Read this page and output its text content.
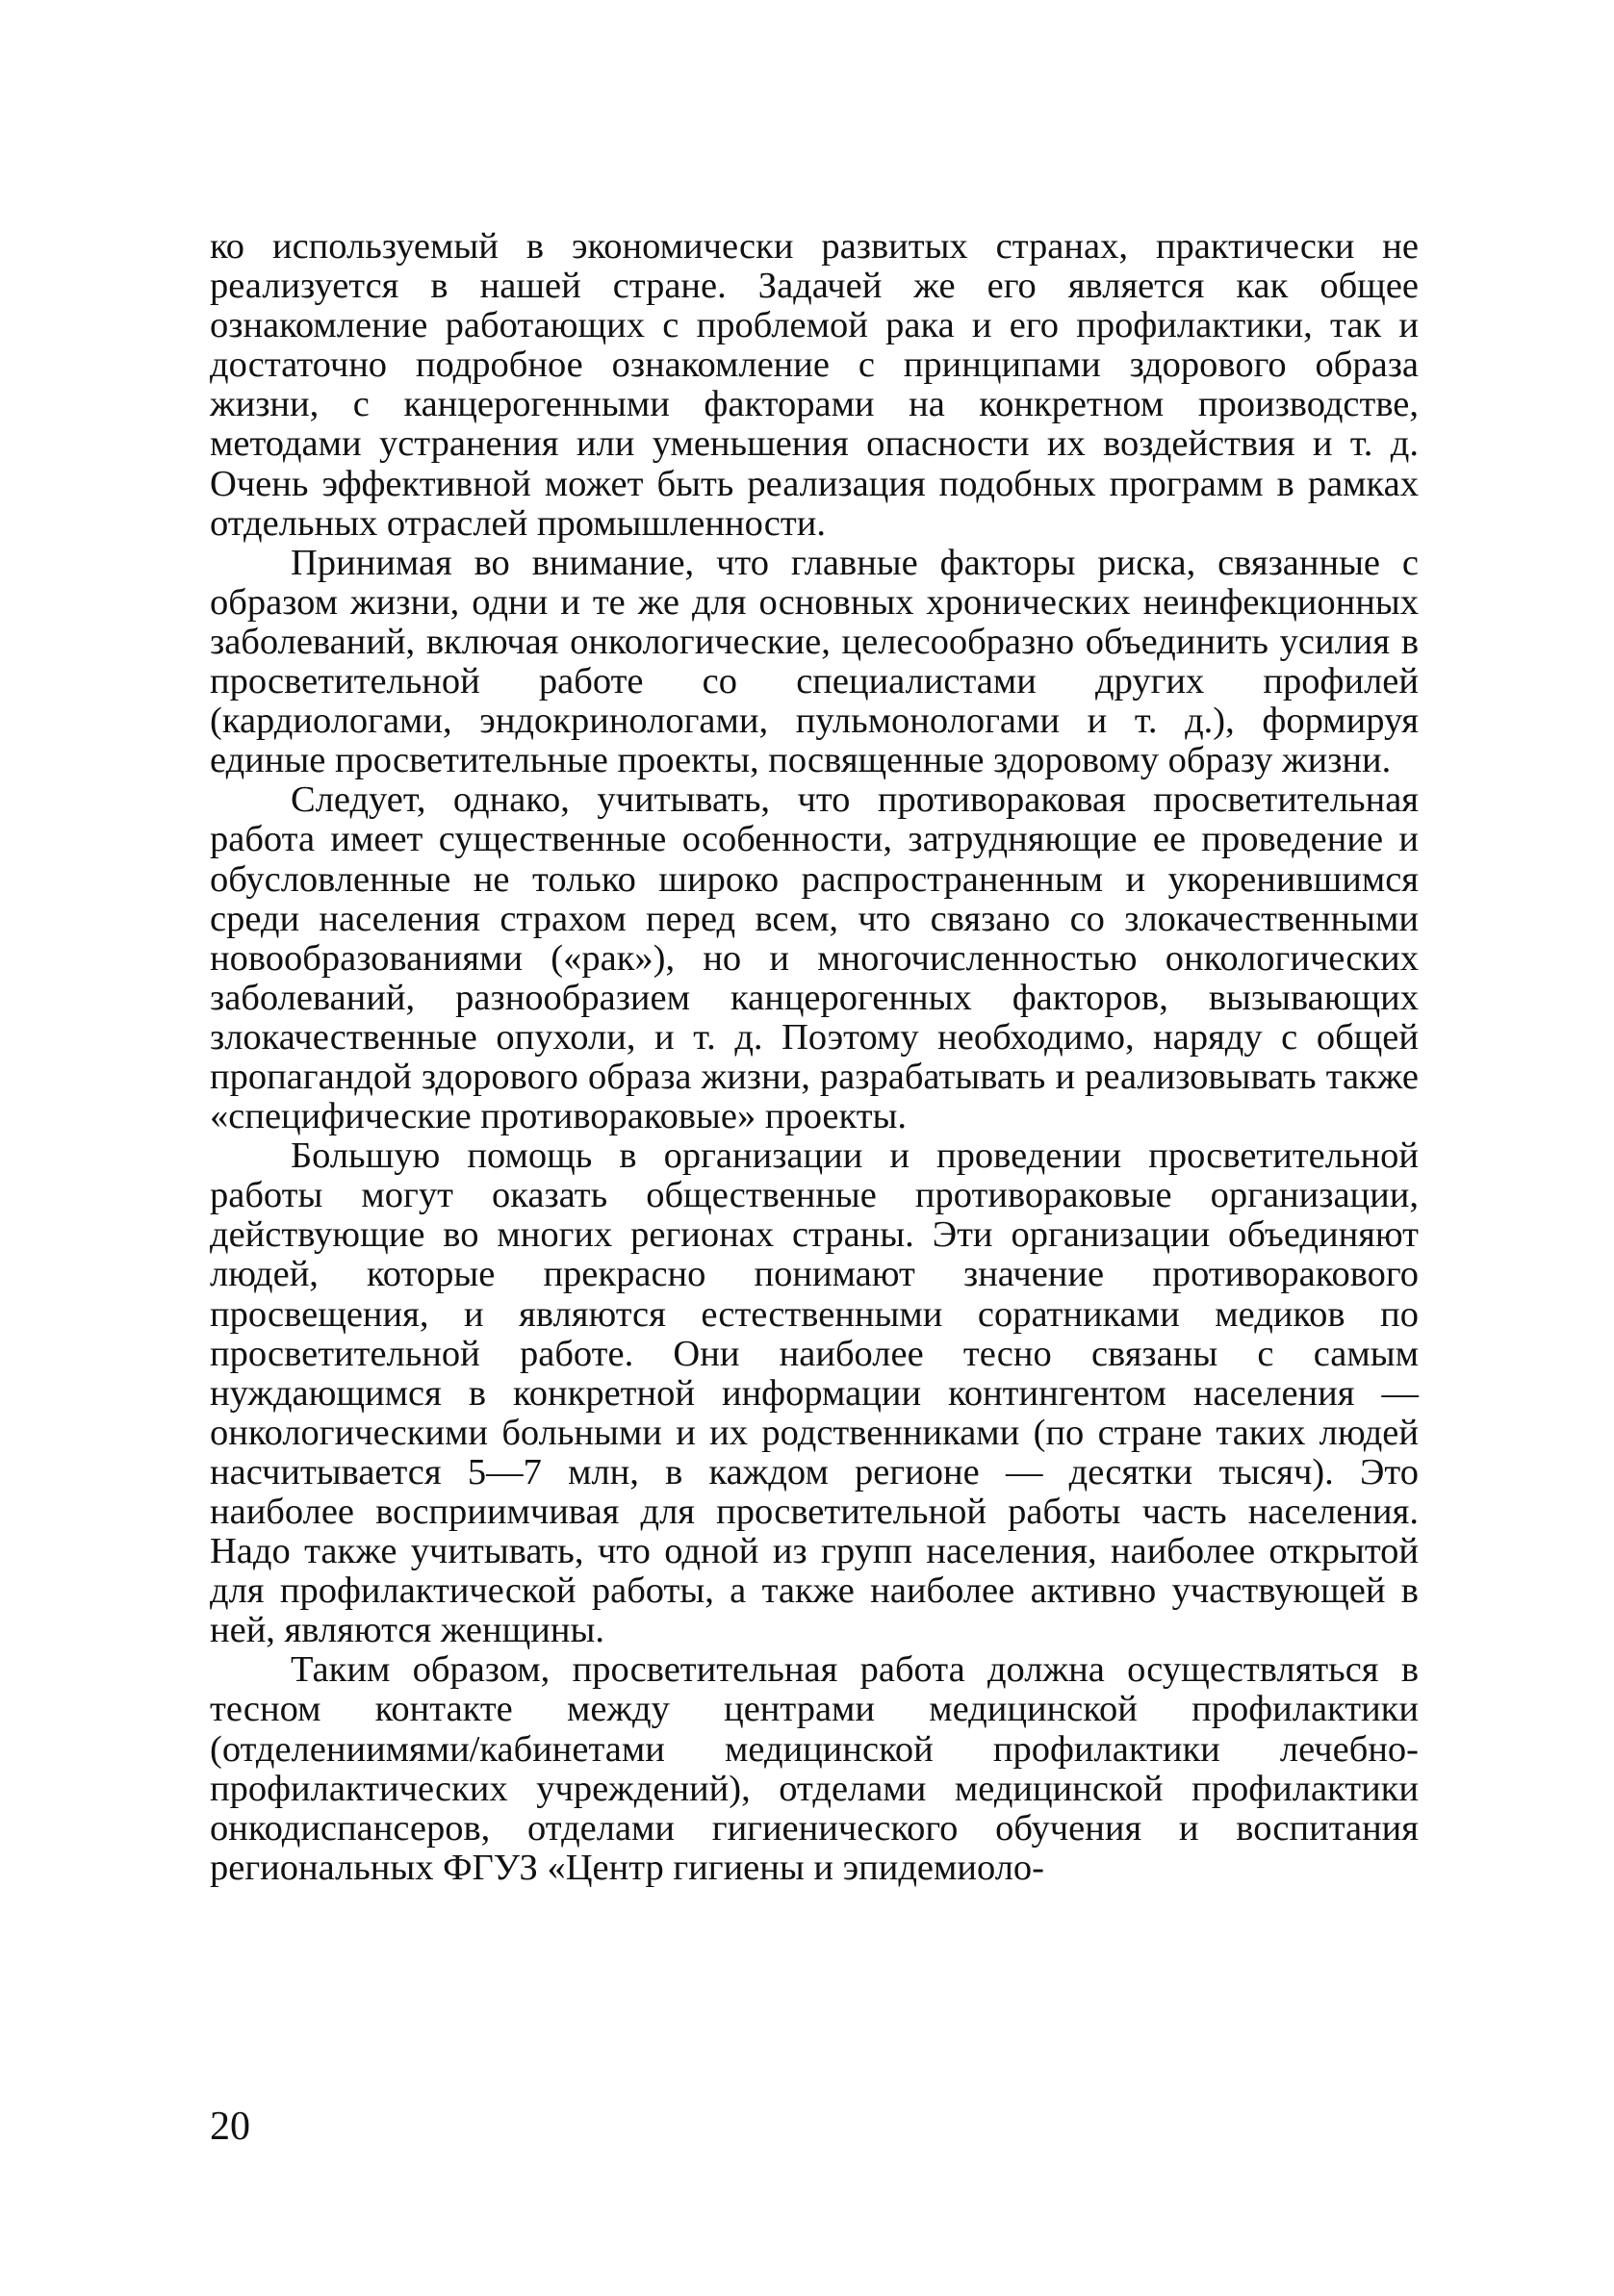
ко используемый в экономически развитых странах, практически не реализуется в нашей стране. Задачей же его является как общее ознакомление работающих с проблемой рака и его профилактики, так и достаточно подробное ознакомление с принципами здорового образа жизни, с канцерогенными факторами на конкретном производстве, методами устранения или уменьшения опасности их воздействия и т. д. Очень эффективной может быть реализация подобных программ в рамках отдельных отраслей промышленности.

Принимая во внимание, что главные факторы риска, связанные с образом жизни, одни и те же для основных хронических неинфекционных заболеваний, включая онкологические, целесообразно объединить усилия в просветительной работе со специалистами других профилей (кардиологами, эндокринологами, пульмонологами и т. д.), формируя единые просветительные проекты, посвященные здоровому образу жизни.

Следует, однако, учитывать, что противораковая просветительная работа имеет существенные особенности, затрудняющие ее проведение и обусловленные не только широко распространенным и укоренившимся среди населения страхом перед всем, что связано со злокачественными новообразованиями («рак»), но и многочисленностью онкологических заболеваний, разнообразием канцерогенных факторов, вызывающих злокачественные опухоли, и т. д. Поэтому необходимо, наряду с общей пропагандой здорового образа жизни, разрабатывать и реализовывать также «специфические противораковые» проекты.

Большую помощь в организации и проведении просветительной работы могут оказать общественные противораковые организации, действующие во многих регионах страны. Эти организации объединяют людей, которые прекрасно понимают значение противоракового просвещения, и являются естественными соратниками медиков по просветительной работе. Они наиболее тесно связаны с самым нуждающимся в конкретной информации контингентом населения — онкологическими больными и их родственниками (по стране таких людей насчитывается 5—7 млн, в каждом регионе — десятки тысяч). Это наиболее восприимчивая для просветительной работы часть населения. Надо также учитывать, что одной из групп населения, наиболее открытой для профилактической работы, а также наиболее активно участвующей в ней, являются женщины.

Таким образом, просветительная работа должна осуществляться в тесном контакте между центрами медицинской профилактики (отделениимями/кабинетами медицинской профилактики лечебно-профилактических учреждений), отделами медицинской профилактики онкодиспансеров, отделами гигиенического обучения и воспитания региональных ФГУЗ «Центр гигиены и эпидемиоло-

20
